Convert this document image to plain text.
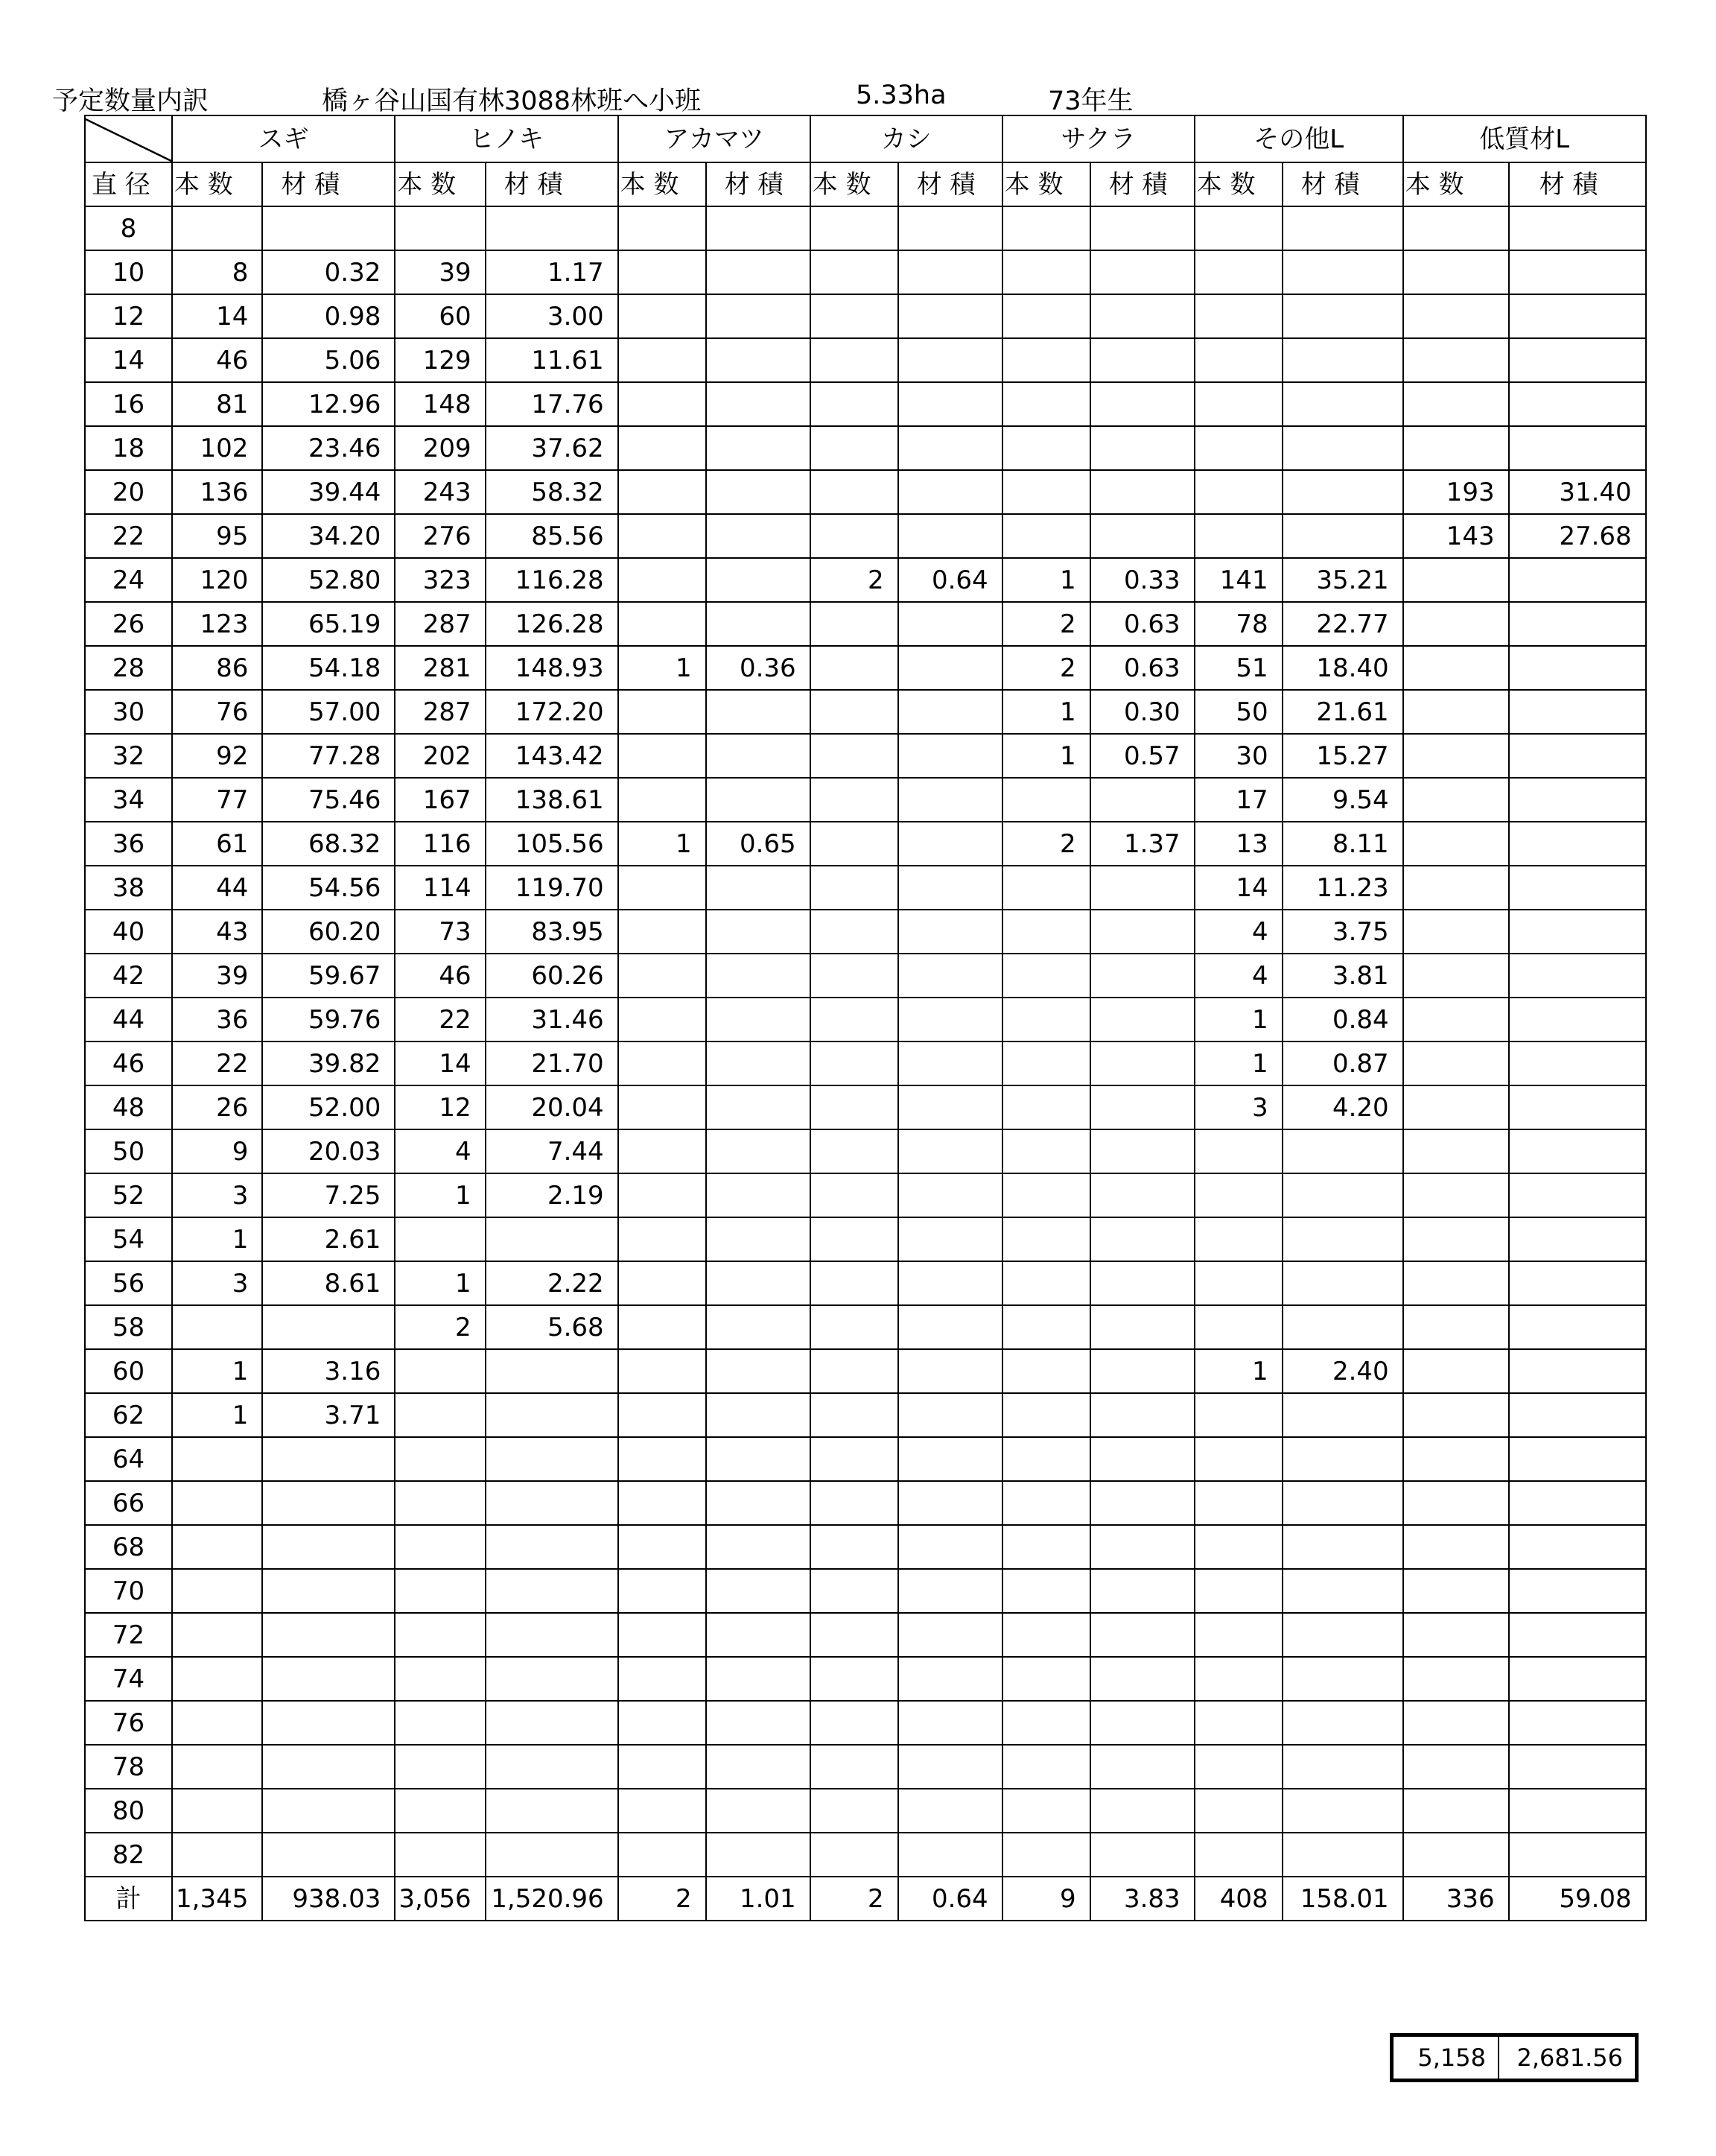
予定数量内訳	橋ヶ谷山国有林3088林班へ小班	5.33ha	73年生
	スギ		ヒノキ		アカマツ		カシ		サクラ		その他L		低質材L	
直 径	本 数	材 積	本 数	材 積	本 数	材 積	本 数	材 積	本 数	材 積	本 数	材 積	本 数	材 積
8														
10	8	0.32	39	1.17										
12	14	0.98	60	3.00										
14	46	5.06	129	11.61										
16	81	12.96	148	17.76										
18	102	23.46	209	37.62										
20	136	39.44	243	58.32									193	31.40
22	95	34.20	276	85.56									143	27.68
24	120	52.80	323	116.28			2	0.64	1	0.33	141	35.21		
26	123	65.19	287	126.28					2	0.63	78	22.77		
28	86	54.18	281	148.93	1	0.36			2	0.63	51	18.40		
30	76	57.00	287	172.20					1	0.30	50	21.61		
32	92	77.28	202	143.42					1	0.57	30	15.27		
34	77	75.46	167	138.61							17	9.54		
36	61	68.32	116	105.56	1	0.65			2	1.37	13	8.11		
38	44	54.56	114	119.70							14	11.23		
40	43	60.20	73	83.95							4	3.75		
42	39	59.67	46	60.26							4	3.81		
44	36	59.76	22	31.46							1	0.84		
46	22	39.82	14	21.70							1	0.87		
48	26	52.00	12	20.04							3	4.20		
50	9	20.03	4	7.44										
52	3	7.25	1	2.19										
54	1	2.61												
56	3	8.61	1	2.22										
58			2	5.68										
60	1	3.16									1	2.40		
62	1	3.71												
64														
66														
68														
70														
72														
74														
76														
78														
80														
82														
計	1,345	938.03	3,056	1,520.96	2	1.01	2	0.64	9	3.83	408	158.01	336	59.08
5,158	2,681.56
